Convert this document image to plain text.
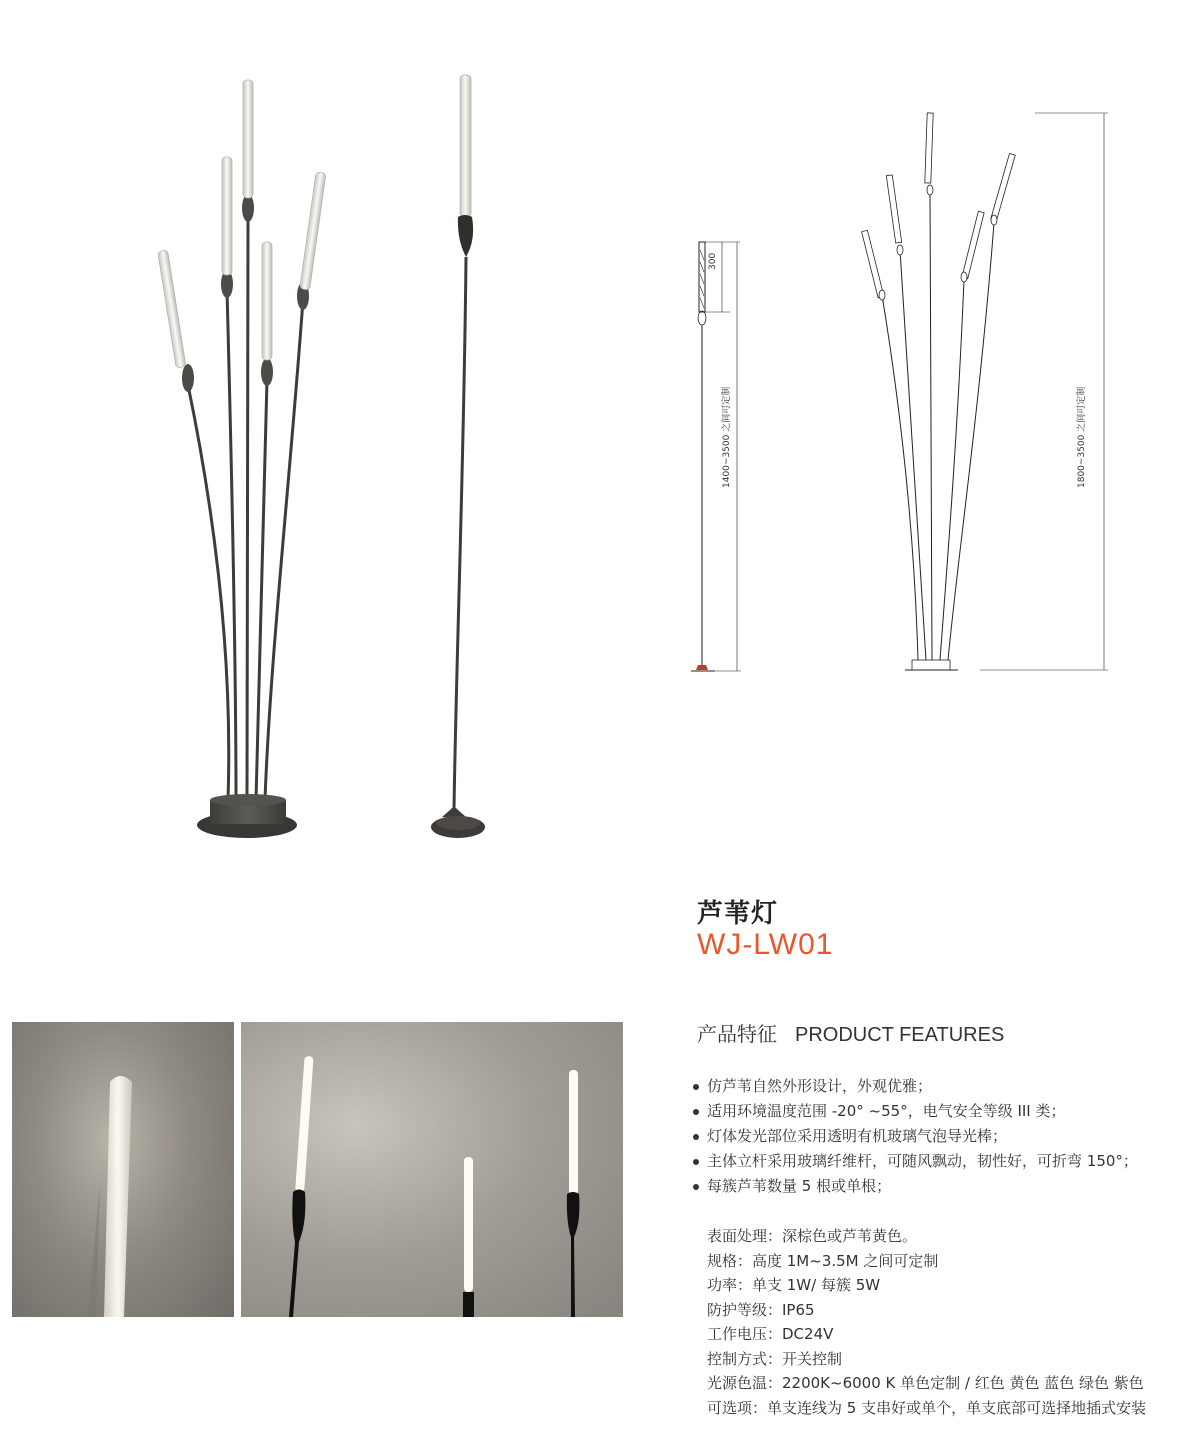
300
1400~3500 之间可定制	1800~3500 之间可定制
芦苇灯
WJ-LW01
产品特征 PRODUCT FEATURES
仿芦苇自然外形设计，外观优雅；
适用环境温度范围 -20° ~55°，电气安全等级 III 类；
灯体发光部位采用透明有机玻璃气泡导光棒；
主体立杆采用玻璃纤维杆，可随风飘动，韧性好，可折弯 150°；
每簇芦苇数量 5 根或单根；
表面处理：深棕色或芦苇黄色。
规格：高度 1M~3.5M 之间可定制
功率：单支 1W/ 每簇 5W
防护等级：IP65
工作电压：DC24V
控制方式：开关控制
光源色温：2200K~6000 K 单色定制 / 红色 黄色 蓝色 绿色 紫色
可选项：单支连线为 5 支串好或单个，单支底部可选择地插式安装
